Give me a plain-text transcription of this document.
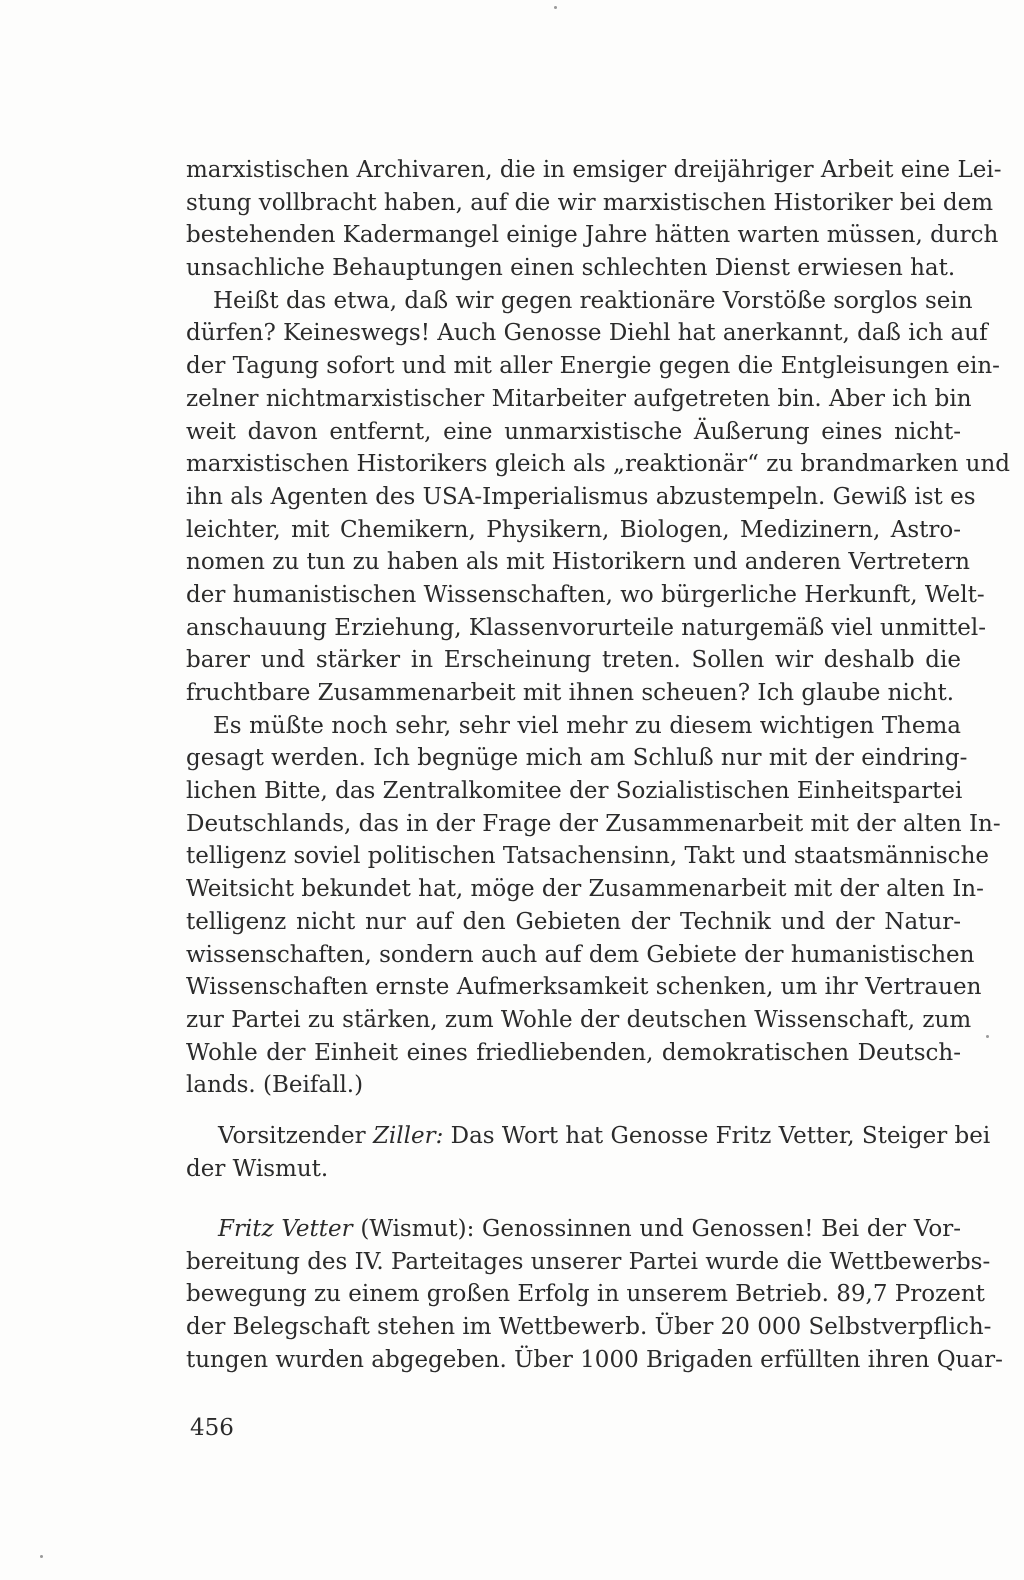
marxistischen Archivaren, die in emsiger dreijähriger Arbeit eine Lei-
stung vollbracht haben, auf die wir marxistischen Historiker bei dem
bestehenden Kadermangel einige Jahre hätten warten müssen, durch
unsachliche Behauptungen einen schlechten Dienst erwiesen hat.
Heißt das etwa, daß wir gegen reaktionäre Vorstöße sorglos sein
dürfen? Keineswegs! Auch Genosse Diehl hat anerkannt, daß ich auf
der Tagung sofort und mit aller Energie gegen die Entgleisungen ein-
zelner nichtmarxistischer Mitarbeiter aufgetreten bin. Aber ich bin
weit davon entfernt, eine unmarxistische Äußerung eines nicht-
marxistischen Historikers gleich als „reaktionär“ zu brandmarken und
ihn als Agenten des USA-Imperialismus abzustempeln. Gewiß ist es
leichter, mit Chemikern, Physikern, Biologen, Medizinern, Astro-
nomen zu tun zu haben als mit Historikern und anderen Vertretern
der humanistischen Wissenschaften, wo bürgerliche Herkunft, Welt-
anschauung Erziehung, Klassenvorurteile naturgemäß viel unmittel-
barer und stärker in Erscheinung treten. Sollen wir deshalb die
fruchtbare Zusammenarbeit mit ihnen scheuen? Ich glaube nicht.
Es müßte noch sehr, sehr viel mehr zu diesem wichtigen Thema
gesagt werden. Ich begnüge mich am Schluß nur mit der eindring-
lichen Bitte, das Zentralkomitee der Sozialistischen Einheitspartei
Deutschlands, das in der Frage der Zusammenarbeit mit der alten In-
telligenz soviel politischen Tatsachensinn, Takt und staatsmännische
Weitsicht bekundet hat, möge der Zusammenarbeit mit der alten In-
telligenz nicht nur auf den Gebieten der Technik und der Natur-
wissenschaften, sondern auch auf dem Gebiete der humanistischen
Wissenschaften ernste Aufmerksamkeit schenken, um ihr Vertrauen
zur Partei zu stärken, zum Wohle der deutschen Wissenschaft, zum
Wohle der Einheit eines friedliebenden, demokratischen Deutsch-
lands. (Beifall.)
Vorsitzender Ziller: Das Wort hat Genosse Fritz Vetter, Steiger bei
der Wismut.
Fritz Vetter (Wismut): Genossinnen und Genossen! Bei der Vor-
bereitung des IV. Parteitages unserer Partei wurde die Wettbewerbs-
bewegung zu einem großen Erfolg in unserem Betrieb. 89,7 Prozent
der Belegschaft stehen im Wettbewerb. Über 20 000 Selbstverpflich-
tungen wurden abgegeben. Über 1000 Brigaden erfüllten ihren Quar-
456
